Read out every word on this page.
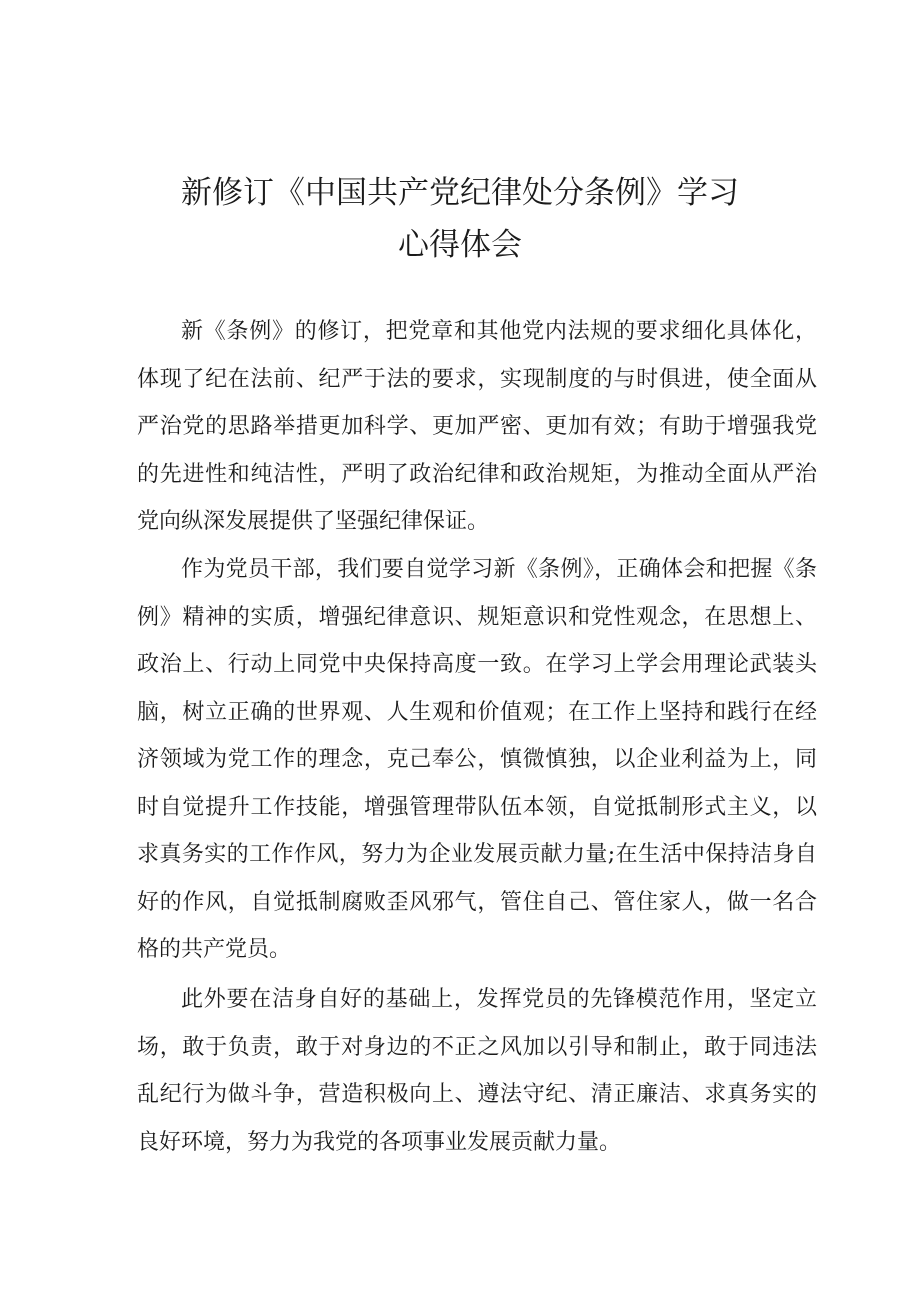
新修订《中国共产党纪律处分条例》学习
心得体会

新《条例》的修订，把党章和其他党内法规的要求细化具体化，体现了纪在法前、纪严于法的要求，实现制度的与时俱进，使全面从严治党的思路举措更加科学、更加严密、更加有效；有助于增强我党的先进性和纯洁性，严明了政治纪律和政治规矩，为推动全面从严治党向纵深发展提供了坚强纪律保证。

作为党员干部，我们要自觉学习新《条例》，正确体会和把握《条例》精神的实质，增强纪律意识、规矩意识和党性观念，在思想上、政治上、行动上同党中央保持高度一致。在学习上学会用理论武装头脑，树立正确的世界观、人生观和价值观；在工作上坚持和践行在经济领域为党工作的理念，克己奉公，慎微慎独，以企业利益为上，同时自觉提升工作技能，增强管理带队伍本领，自觉抵制形式主义，以求真务实的工作作风，努力为企业发展贡献力量;在生活中保持洁身自好的作风，自觉抵制腐败歪风邪气，管住自己、管住家人，做一名合格的共产党员。

此外要在洁身自好的基础上，发挥党员的先锋模范作用，坚定立场，敢于负责，敢于对身边的不正之风加以引导和制止，敢于同违法乱纪行为做斗争，营造积极向上、遵法守纪、清正廉洁、求真务实的良好环境，努力为我党的各项事业发展贡献力量。
